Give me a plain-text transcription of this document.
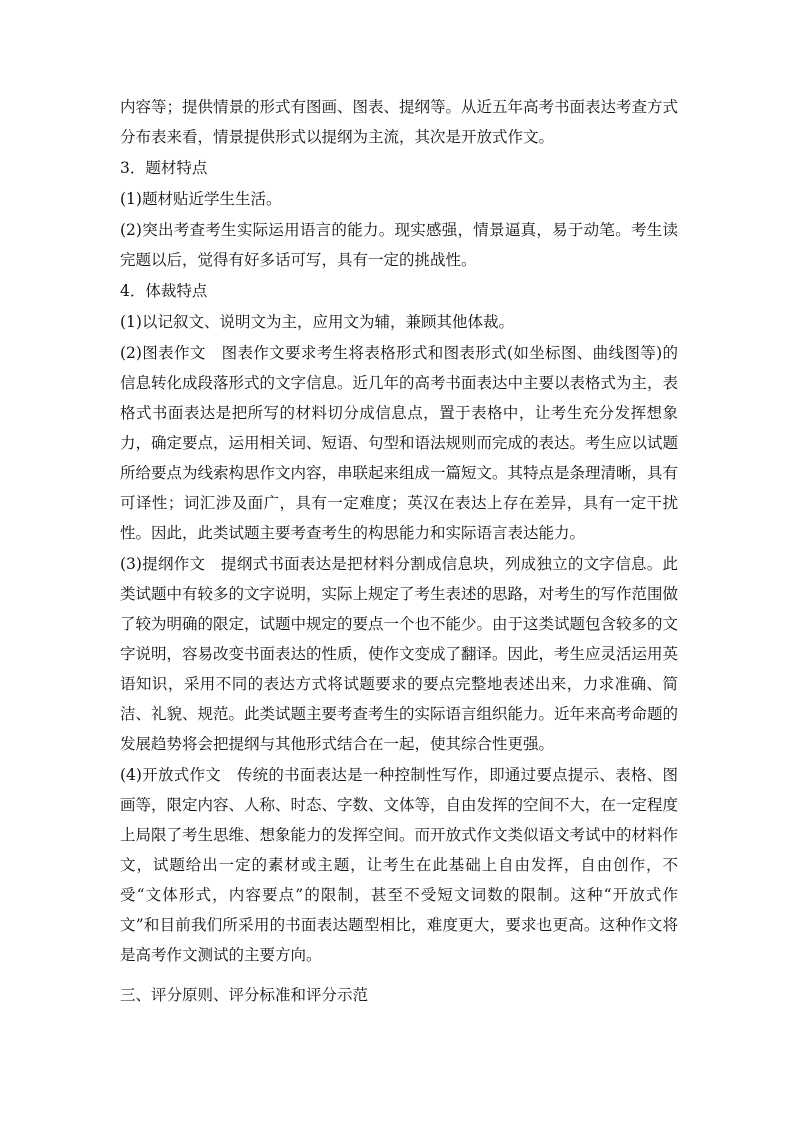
内容等；提供情景的形式有图画、图表、提纲等。从近五年高考书面表达考查方式分布表来看，情景提供形式以提纲为主流，其次是开放式作文。

3．题材特点

(1)题材贴近学生生活。

(2)突出考查考生实际运用语言的能力。现实感强，情景逼真，易于动笔。考生读完题以后，觉得有好多话可写，具有一定的挑战性。

4．体裁特点

(1)以记叙文、说明文为主，应用文为辅，兼顾其他体裁。

(2)图表作文　图表作文要求考生将表格形式和图表形式(如坐标图、曲线图等)的信息转化成段落形式的文字信息。近几年的高考书面表达中主要以表格式为主，表格式书面表达是把所写的材料切分成信息点，置于表格中，让考生充分发挥想象力，确定要点，运用相关词、短语、句型和语法规则而完成的表达。考生应以试题所给要点为线索构思作文内容，串联起来组成一篇短文。其特点是条理清晰，具有可译性；词汇涉及面广，具有一定难度；英汉在表达上存在差异，具有一定干扰性。因此，此类试题主要考查考生的构思能力和实际语言表达能力。

(3)提纲作文　提纲式书面表达是把材料分割成信息块，列成独立的文字信息。此类试题中有较多的文字说明，实际上规定了考生表述的思路，对考生的写作范围做了较为明确的限定，试题中规定的要点一个也不能少。由于这类试题包含较多的文字说明，容易改变书面表达的性质，使作文变成了翻译。因此，考生应灵活运用英语知识，采用不同的表达方式将试题要求的要点完整地表述出来，力求准确、简洁、礼貌、规范。此类试题主要考查考生的实际语言组织能力。近年来高考命题的发展趋势将会把提纲与其他形式结合在一起，使其综合性更强。

(4)开放式作文　传统的书面表达是一种控制性写作，即通过要点提示、表格、图画等，限定内容、人称、时态、字数、文体等，自由发挥的空间不大，在一定程度上局限了考生思维、想象能力的发挥空间。而开放式作文类似语文考试中的材料作文，试题给出一定的素材或主题，让考生在此基础上自由发挥，自由创作，不受“文体形式，内容要点”的限制，甚至不受短文词数的限制。这种“开放式作文”和目前我们所采用的书面表达题型相比，难度更大，要求也更高。这种作文将是高考作文测试的主要方向。

三、评分原则、评分标准和评分示范
